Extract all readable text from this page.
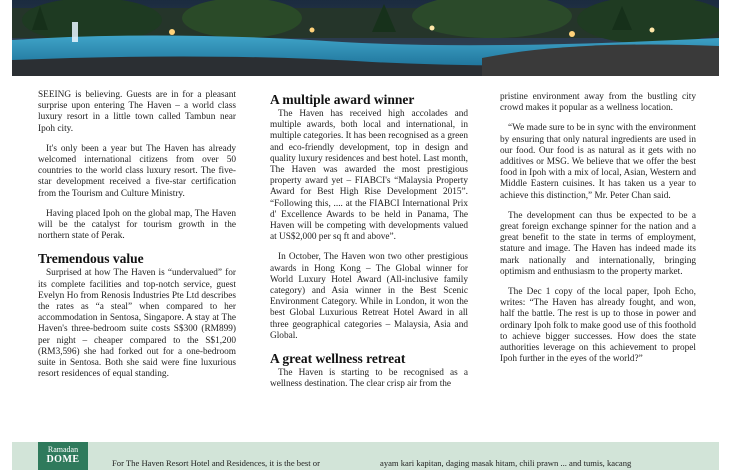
SEEING is believing. Guests are in for a pleasant surprise upon entering The Haven – a world class luxury resort in a little town called Tambun near Ipoh city.

It's only been a year but The Haven has already welcomed international citizens from over 50 countries to the world class luxury resort. The five-star development received a five-star certification from the Tourism and Culture Ministry.

Having placed Ipoh on the global map, The Haven will be the catalyst for tourism growth in the northern state of Perak.

Tremendous value

Surprised at how The Haven is “undervalued” for its complete facilities and top-notch service, guest Evelyn Ho from Renosis Industries Pte Ltd describes the rates as “a steal” when compared to her accommodation in Sentosa, Singapore. A stay at The Haven's three-bedroom suite costs S$300 (RM899) per night – cheaper compared to the S$1,200 (RM3,596) she had forked out for a one-bedroom suite in Sentosa. Both she said were fine luxurious resort residences of equal standing.

A multiple award winner

The Haven has received high accolades and multiple awards, both local and international, in multiple categories. It has been recognised as a green and eco-friendly development, top in design and quality luxury residences and best hotel. Last month, The Haven was awarded the most prestigious property award yet – FIABCI's “Malaysia Property Award for Best High Rise Development 2015”. “Following this, .... at the FIABCI International Prix d' Excellence Awards to be held in Panama, The Haven will be competing with developments valued at US$2,000 per sq ft and above”.

In October, The Haven won two other prestigious awards in Hong Kong – The Global winner for World Luxury Hotel Award (All-inclusive family category) and Asia winner in the Best Scenic Environment Category. While in London, it won the best Global Luxurious Retreat Hotel Award in all three geographical categories – Malaysia, Asia and Global.

A great wellness retreat

The Haven is starting to be recognised as a wellness destination. The clear crisp air from the

pristine environment away from the bustling city crowd makes it popular as a wellness location.

“We made sure to be in sync with the environment by ensuring that only natural ingredients are used in our food. Our food is as natural as it gets with no additives or MSG. We believe that we offer the best food in Ipoh with a mix of local, Asian, Western and Middle Eastern cuisines. It has taken us a year to achieve this distinction,” Mr. Peter Chan said.

The development can thus be expected to be a great foreign exchange spinner for the nation and a great benefit to the state in terms of employment, stature and image. The Haven has indeed made its mark nationally and internationally, bringing optimism and enthusiasm to the property market.

The Dec 1 copy of the local paper, Ipoh Echo, writes: “The Haven has already fought, and won, half the battle. The rest is up to those in power and ordinary Ipoh folk to make good use of this foothold to achieve bigger successes. How does the state authorities leverage on this achievement to propel Ipoh further in the eyes of the world?”

Ramadan
DOME	For The Haven Resort Hotel and Residences, it is the best or	ayam kari kapitan, daging masak hitam, chili prawn ... and tumis, kacang
